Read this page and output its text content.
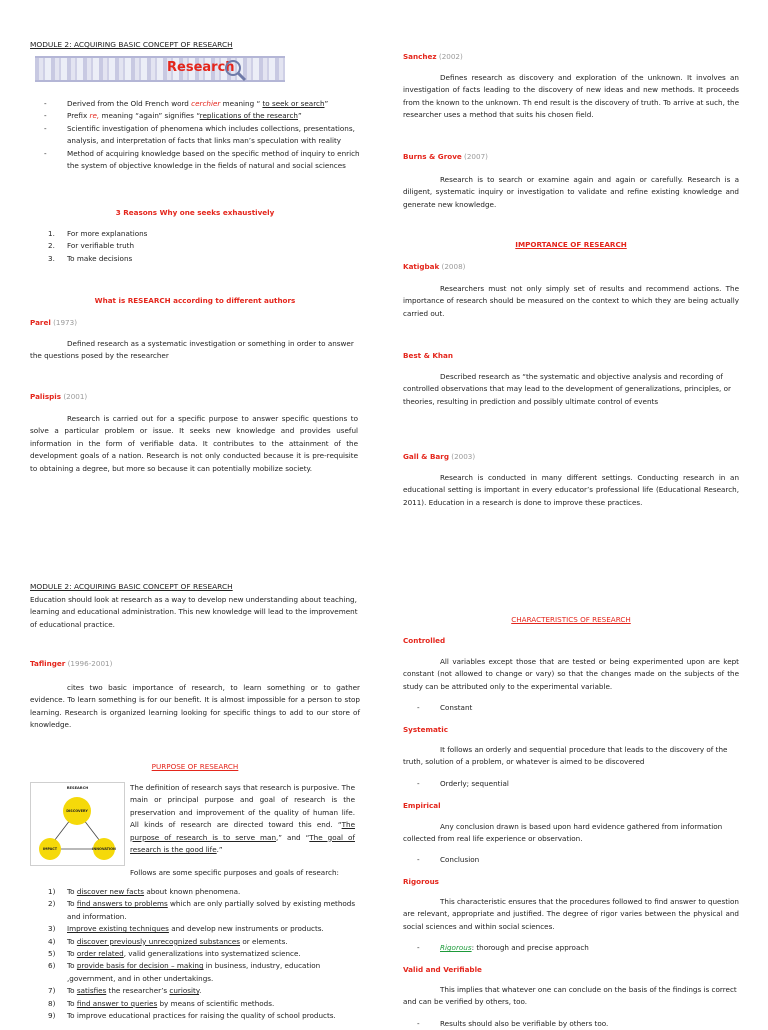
MODULE 2: ACQUIRING BASIC CONCEPT OF RESEARCH
Research
- Derived from the Old French word cerchier meaning “ to seek or search”
- Prefix re, meaning “again” signifies “replications of the research”
- Scientific investigation of phenomena which includes collections, presentations, analysis, and interpretation of facts that links man’s speculation with reality
- Method of acquiring knowledge based on the specific method of inquiry to enrich the system of objective knowledge in the fields of natural and social sciences
3 Reasons Why one seeks exhaustively
1. For more explanations
2. For verifiable truth
3. To make decisions
What is RESEARCH according to different authors
Parel (1973)
Defined research as a systematic investigation or something in order to answer the questions posed by the researcher
Palispis (2001)
Research is carried out for a specific purpose to answer specific questions to solve a particular problem or issue. It seeks new knowledge and provides useful information in the form of verifiable data. It contributes to the attainment of the development goals of a nation. Research is not only conducted because it is pre-requisite to obtaining a degree, but more so because it can potentially mobilize society.
Sanchez (2002)
Defines research as discovery and exploration of the unknown. It involves an investigation of facts leading to the discovery of new ideas and new methods. It proceeds from the known to the unknown. Th end result is the discovery of truth. To arrive at such, the researcher uses a method that suits his chosen field.
Burns & Grove (2007)
Research is to search or examine again and again or carefully. Research is a diligent, systematic inquiry or investigation to validate and refine existing knowledge and generate new knowledge.
IMPORTANCE OF RESEARCH
Katigbak (2008)
Researchers must not only simply set of results and recommend actions. The importance of research should be measured on the context to which they are being actually carried out.
Best & Khan
Described research as “the systematic and objective analysis and recording of controlled observations that may lead to the development of generalizations, principles, or theories, resulting in prediction and possibly ultimate control of events
Gall & Barg (2003)
Research is conducted in many different settings. Conducting research in an educational setting is important in every educator’s professional life (Educational Research, 2011). Education in a research is done to improve these practices.
MODULE 2: ACQUIRING BASIC CONCEPT OF RESEARCH
Education should look at research as a way to develop new understanding about teaching, learning and educational administration. This new knowledge will lead to the improvement of educational practice.
Taflinger (1996-2001)
cites two basic importance of research, to learn something or to gather evidence. To learn something is for our benefit. It is almost impossible for a person to stop learning. Research is organized learning looking for specific things to add to our store of knowledge.
PURPOSE OF RESEARCH
RESEARCH
DISCOVERY
IMPACT	INNOVATION
The definition of research says that research is purposive. The main or principal purpose and goal of research is the preservation and improvement of the quality of human life. All kinds of research are directed toward this end. “The purpose of research is to serve man,” and “The goal of research is the good life.”
Follows are some specific purposes and goals of research:
1) To discover new facts about known phenomena.
2) To find answers to problems which are only partially solved by existing methods and information.
3) Improve existing techniques and develop new instruments or products.
4) To discover previously unrecognized substances or elements.
5) To order related, valid generalizations into systematized science.
6) To provide basis for decision – making in business, industry, education ,government, and in other undertakings.
7) To satisfies the researcher’s curiosity.
8) To find answer to queries by means of scientific methods.
9) To improve educational practices for raising the quality of school products.
CHARACTERISTICS OF RESEARCH
Controlled
All variables except those that are tested or being experimented upon are kept constant (not allowed to change or vary) so that the changes made on the subjects of the study can be attributed only to the experimental variable.
- Constant
Systematic
It follows an orderly and sequential procedure that leads to the discovery of the truth, solution of a problem, or whatever is aimed to be discovered
- Orderly; sequential
Empirical
Any conclusion drawn is based upon hard evidence gathered from information collected from real life experience or observation.
- Conclusion
Rigorous
This characteristic ensures that the procedures followed to find answer to question are relevant, appropriate and justified. The degree of rigor varies between the physical and social sciences and within social sciences.
- Rigorous: thorough and precise approach
Valid and Verifiable
This implies that whatever one can conclude on the basis of the findings is correct and can be verified by others, too.
- Results should also be verifiable by others too.
